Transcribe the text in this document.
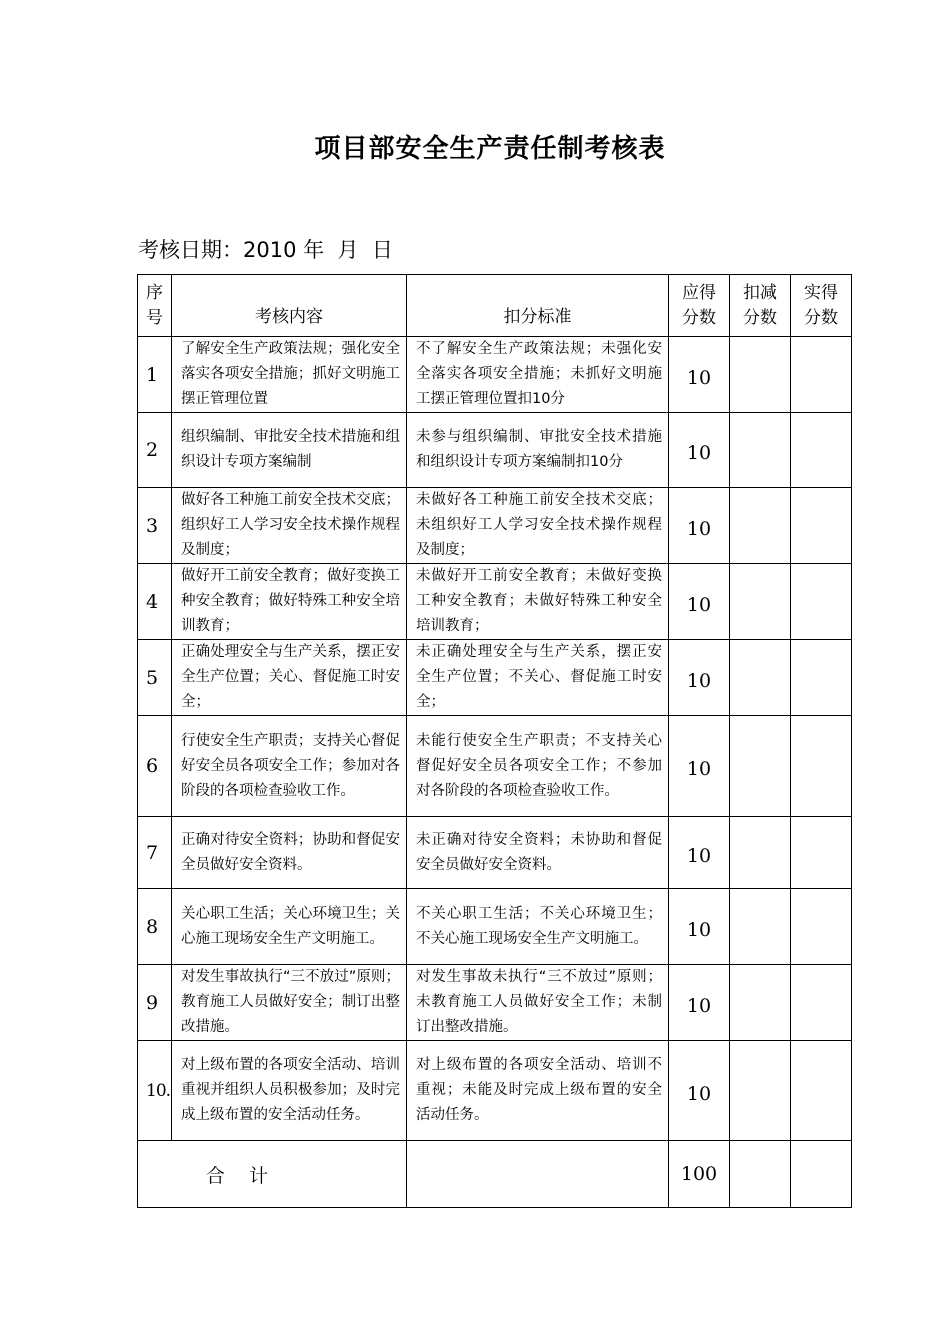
项目部安全生产责任制考核表
考核日期：2010 年  月  日
序号	考核内容	扣分标准	应得分数	扣减分数	实得分数
1	了解安全生产政策法规；强化安全落实各项安全措施；抓好文明施工摆正管理位置	不了解安全生产政策法规；未强化安全落实各项安全措施；未抓好文明施工摆正管理位置扣10分	10		
2	组织编制、审批安全技术措施和组织设计专项方案编制	未参与组织编制、审批安全技术措施和组织设计专项方案编制扣10分	10		
3	做好各工种施工前安全技术交底；组织好工人学习安全技术操作规程及制度；	未做好各工种施工前安全技术交底；未组织好工人学习安全技术操作规程及制度；	10		
4	做好开工前安全教育；做好变换工种安全教育；做好特殊工种安全培训教育；	未做好开工前安全教育；未做好变换工种安全教育；未做好特殊工种安全培训教育；	10		
5	正确处理安全与生产关系，摆正安全生产位置；关心、督促施工时安全；	未正确处理安全与生产关系，摆正安全生产位置；不关心、督促施工时安全；	10		
6	行使安全生产职责；支持关心督促好安全员各项安全工作；参加对各阶段的各项检查验收工作。	未能行使安全生产职责；不支持关心督促好安全员各项安全工作；不参加对各阶段的各项检查验收工作。	10		
7	正确对待安全资料；协助和督促安全员做好安全资料。	未正确对待安全资料；未协助和督促安全员做好安全资料。	10		
8	关心职工生活；关心环境卫生；关心施工现场安全生产文明施工。	不关心职工生活；不关心环境卫生；不关心施工现场安全生产文明施工。	10		
9	对发生事故执行“三不放过”原则；教育施工人员做好安全；制订出整改措施。	对发生事故未执行“三不放过”原则；未教育施工人员做好安全工作；未制订出整改措施。	10		
10.	对上级布置的各项安全活动、培训重视并组织人员积极参加；及时完成上级布置的安全活动任务。	对上级布置的各项安全活动、培训不重视；未能及时完成上级布置的安全活动任务。	10		
合    计			100		
